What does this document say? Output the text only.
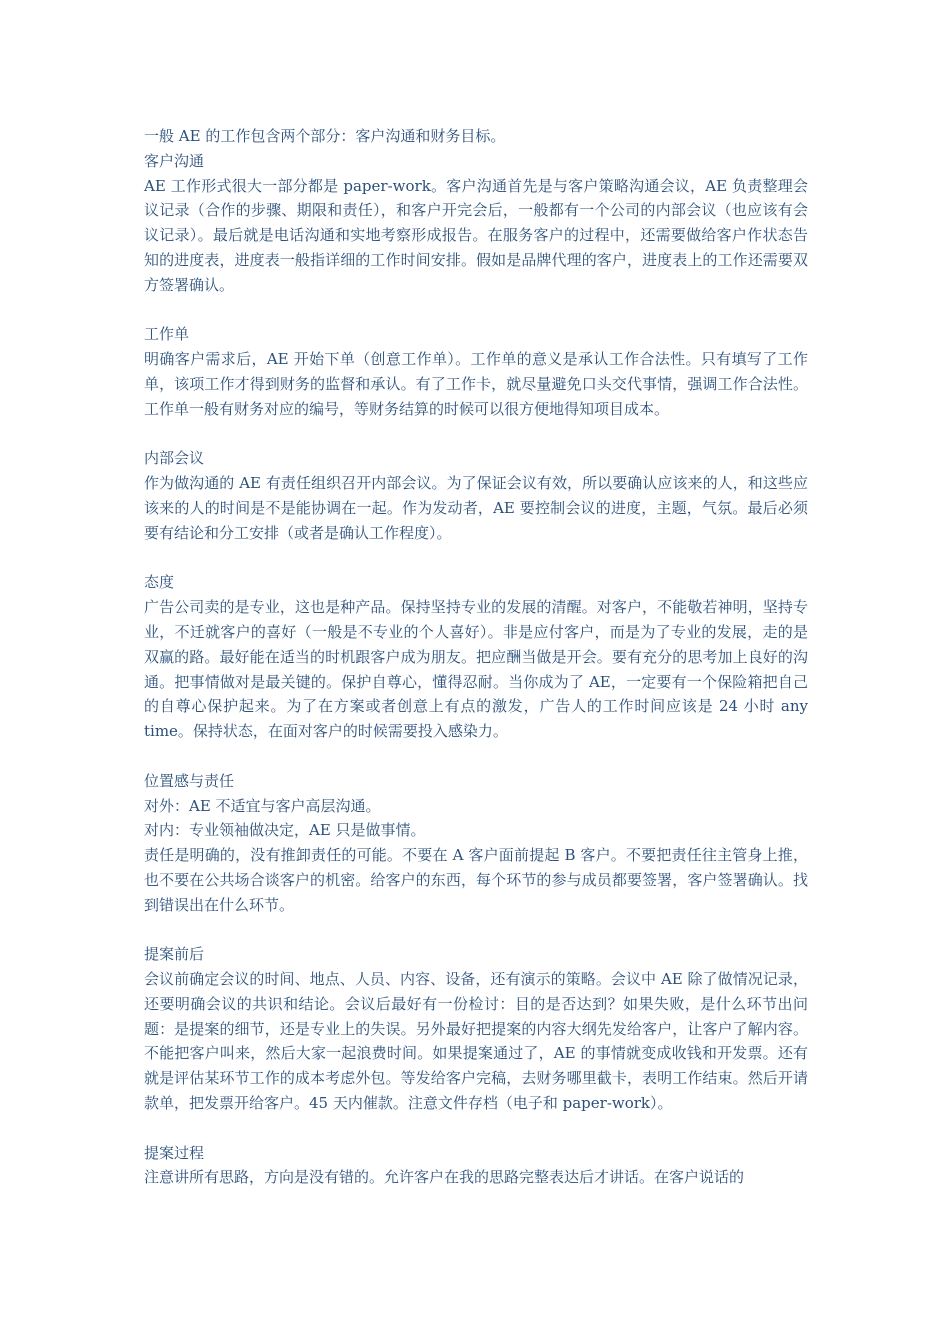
一般 AE 的工作包含两个部分：客户沟通和财务目标。

客户沟通

AE 工作形式很大一部分都是 paper-work。客户沟通首先是与客户策略沟通会议，AE 负责整理会议记录（合作的步骤、期限和责任），和客户开完会后，一般都有一个公司的内部会议（也应该有会议记录）。最后就是电话沟通和实地考察形成报告。在服务客户的过程中，还需要做给客户作状态告知的进度表，进度表一般指详细的工作时间安排。假如是品牌代理的客户，进度表上的工作还需要双方签署确认。

工作单

明确客户需求后，AE 开始下单（创意工作单）。工作单的意义是承认工作合法性。只有填写了工作单，该项工作才得到财务的监督和承认。有了工作卡，就尽量避免口头交代事情，强调工作合法性。工作单一般有财务对应的编号，等财务结算的时候可以很方便地得知项目成本。

内部会议

作为做沟通的 AE 有责任组织召开内部会议。为了保证会议有效，所以要确认应该来的人，和这些应该来的人的时间是不是能协调在一起。作为发动者，AE 要控制会议的进度，主题，气氛。最后必须要有结论和分工安排（或者是确认工作程度）。

态度

广告公司卖的是专业，这也是种产品。保持坚持专业的发展的清醒。对客户，不能敬若神明，坚持专业，不迁就客户的喜好（一般是不专业的个人喜好）。非是应付客户，而是为了专业的发展，走的是双赢的路。最好能在适当的时机跟客户成为朋友。把应酬当做是开会。要有充分的思考加上良好的沟通。把事情做对是最关键的。保护自尊心，懂得忍耐。当你成为了 AE，一定要有一个保险箱把自己的自尊心保护起来。为了在方案或者创意上有点的激发，广告人的工作时间应该是 24 小时 any time。保持状态，在面对客户的时候需要投入感染力。

位置感与责任

对外：AE 不适宜与客户高层沟通。

对内：专业领袖做决定，AE 只是做事情。

责任是明确的，没有推卸责任的可能。不要在 A 客户面前提起 B 客户。不要把责任往主管身上推，也不要在公共场合谈客户的机密。给客户的东西，每个环节的参与成员都要签署，客户签署确认。找到错误出在什么环节。

提案前后

会议前确定会议的时间、地点、人员、内容、设备，还有演示的策略。会议中 AE 除了做情况记录，还要明确会议的共识和结论。会议后最好有一份检讨：目的是否达到？如果失败，是什么环节出问题：是提案的细节，还是专业上的失误。另外最好把提案的内容大纲先发给客户，让客户了解内容。不能把客户叫来，然后大家一起浪费时间。如果提案通过了，AE 的事情就变成收钱和开发票。还有就是评估某环节工作的成本考虑外包。等发给客户完稿，去财务哪里截卡，表明工作结束。然后开请款单，把发票开给客户。45 天内催款。注意文件存档（电子和 paper-work）。

提案过程

注意讲所有思路，方向是没有错的。允许客户在我的思路完整表达后才讲话。在客户说话的
